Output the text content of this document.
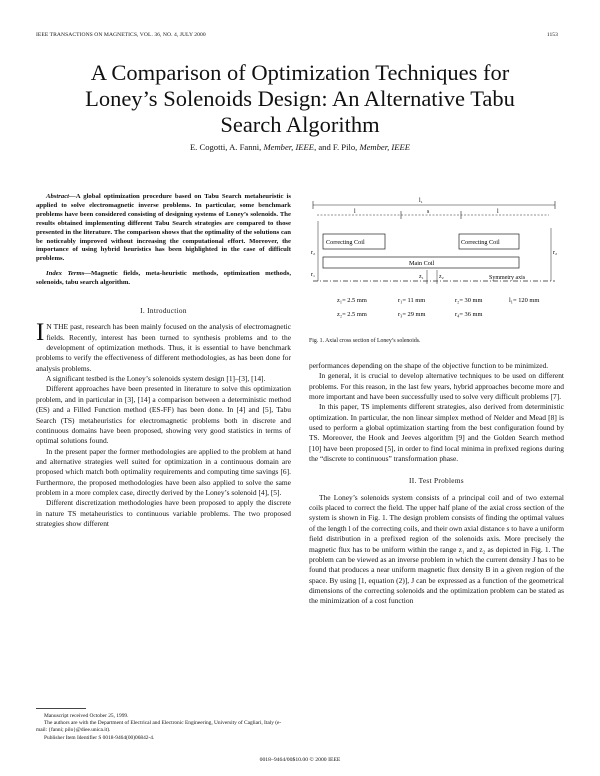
IEEE TRANSACTIONS ON MAGNETICS, VOL. 36, NO. 4, JULY 2000	1153
A Comparison of Optimization Techniques for
Loney’s Solenoids Design: An Alternative Tabu
Search Algorithm
E. Cogotti, A. Fanni, Member, IEEE, and F. Pilo, Member, IEEE

Abstract—A global optimization procedure based on Tabu Search metaheuristic is applied to solve electromagnetic inverse problems. In particular, some benchmark problems have been considered consisting of designing systems of Loney’s solenoids. The results obtained implementing different Tabu Search strategies are compared to those presented in the literature. The comparison shows that the optimality of the solutions can be noticeably improved without increasing the computational effort. Moreover, the importance of using hybrid heuristics has been highlighted in the case of difficult problems.

Index Terms—Magnetic fields, meta-heuristic methods, optimization methods, solenoids, tabu search algorithm.

I. Introduction

I N THE past, research has been mainly focused on the analysis of electromagnetic fields. Recently, interest has been turned to synthesis problems and to the development of optimization methods. Thus, it is essential to have benchmark problems to verify the effectiveness of different methodologies, as has been done for analysis problems.

A significant testbed is the Loney’s solenoids system design [1]–[3], [14].

Different approaches have been presented in literature to solve this optimization problem, and in particular in [3], [14] a comparison between a deterministic method (ES) and a Filled Function method (ES-FF) has been done. In [4] and [5], Tabu Search (TS) metaheuristics for electromagnetic problems both in discrete and continuous domains have been proposed, showing very good statistics in terms of optimal solutions found.

In the present paper the former methodologies are applied to the problem at hand and alternative strategies well suited for optimization in a continuous domain are proposed which match both optimality requirements and computing time savings [6]. Furthermore, the proposed methodologies have been also applied to solve the same problem in a more complex case, directly derived by the Loney’s solenoid [4], [5].

Different discretization methodologies have been proposed to apply the discrete in nature TS metaheuristics to continuous variable problems. The two proposed strategies show different

Manuscript received October 25, 1999.

The authors are with the Department of Electrical and Electronic Engineering, University of Cagliari, Italy (e-mail: {fanni; pilo}@diee.unica.it).

Publisher Item Identifier S 0018-9464(00)06842-4.

l₁
l	s	l
Correcting Coil	Correcting Coil
Main Coil
Symmetry axis
r₂
r₁
r₂
z₁	z₂
z₁= 2.5 mm	r₁= 11 mm	r₂= 30 mm	l₁= 120 mm
z₂= 2.5 mm	r₃= 29 mm	r₄= 36 mm
Fig. 1. Axial cross section of Loney’s solenoids.

performances depending on the shape of the objective function to be minimized.

In general, it is crucial to develop alternative techniques to be used on different problems. For this reason, in the last few years, hybrid approaches become more and more important and have been successfully used to solve very difficult problems [7].

In this paper, TS implements different strategies, also derived from deterministic optimization. In particular, the non linear simplex method of Nelder and Mead [8] is used to perform a global optimization starting from the best configuration found by TS. Moreover, the Hook and Jeeves algorithm [9] and the Golden Search method [10] have been proposed [5], in order to find local minima in prefixed regions during the “discrete to continuous” transformation phase.

II. Test Problems

The Loney’s solenoids system consists of a principal coil and of two external coils placed to correct the field. The upper half plane of the axial cross section of the system is shown in Fig. 1. The design problem consists of finding the optimal values of the length l of the correcting coils, and their own axial distance s to have a uniform field distribution in a prefixed region of the solenoids axis. More precisely the magnetic flux has to be uniform within the range z₁ and z₂ as depicted in Fig. 1. The problem can be viewed as an inverse problem in which the current density J has to be found that produces a near uniform magnetic flux density B in a given region of the space. By using [1, equation (2)], J can be expressed as a function of the geometrical dimensions of the correcting solenoids and the optimization problem can be stated as the minimization of a cost function

0018–9464/00$10.00 © 2000 IEEE
